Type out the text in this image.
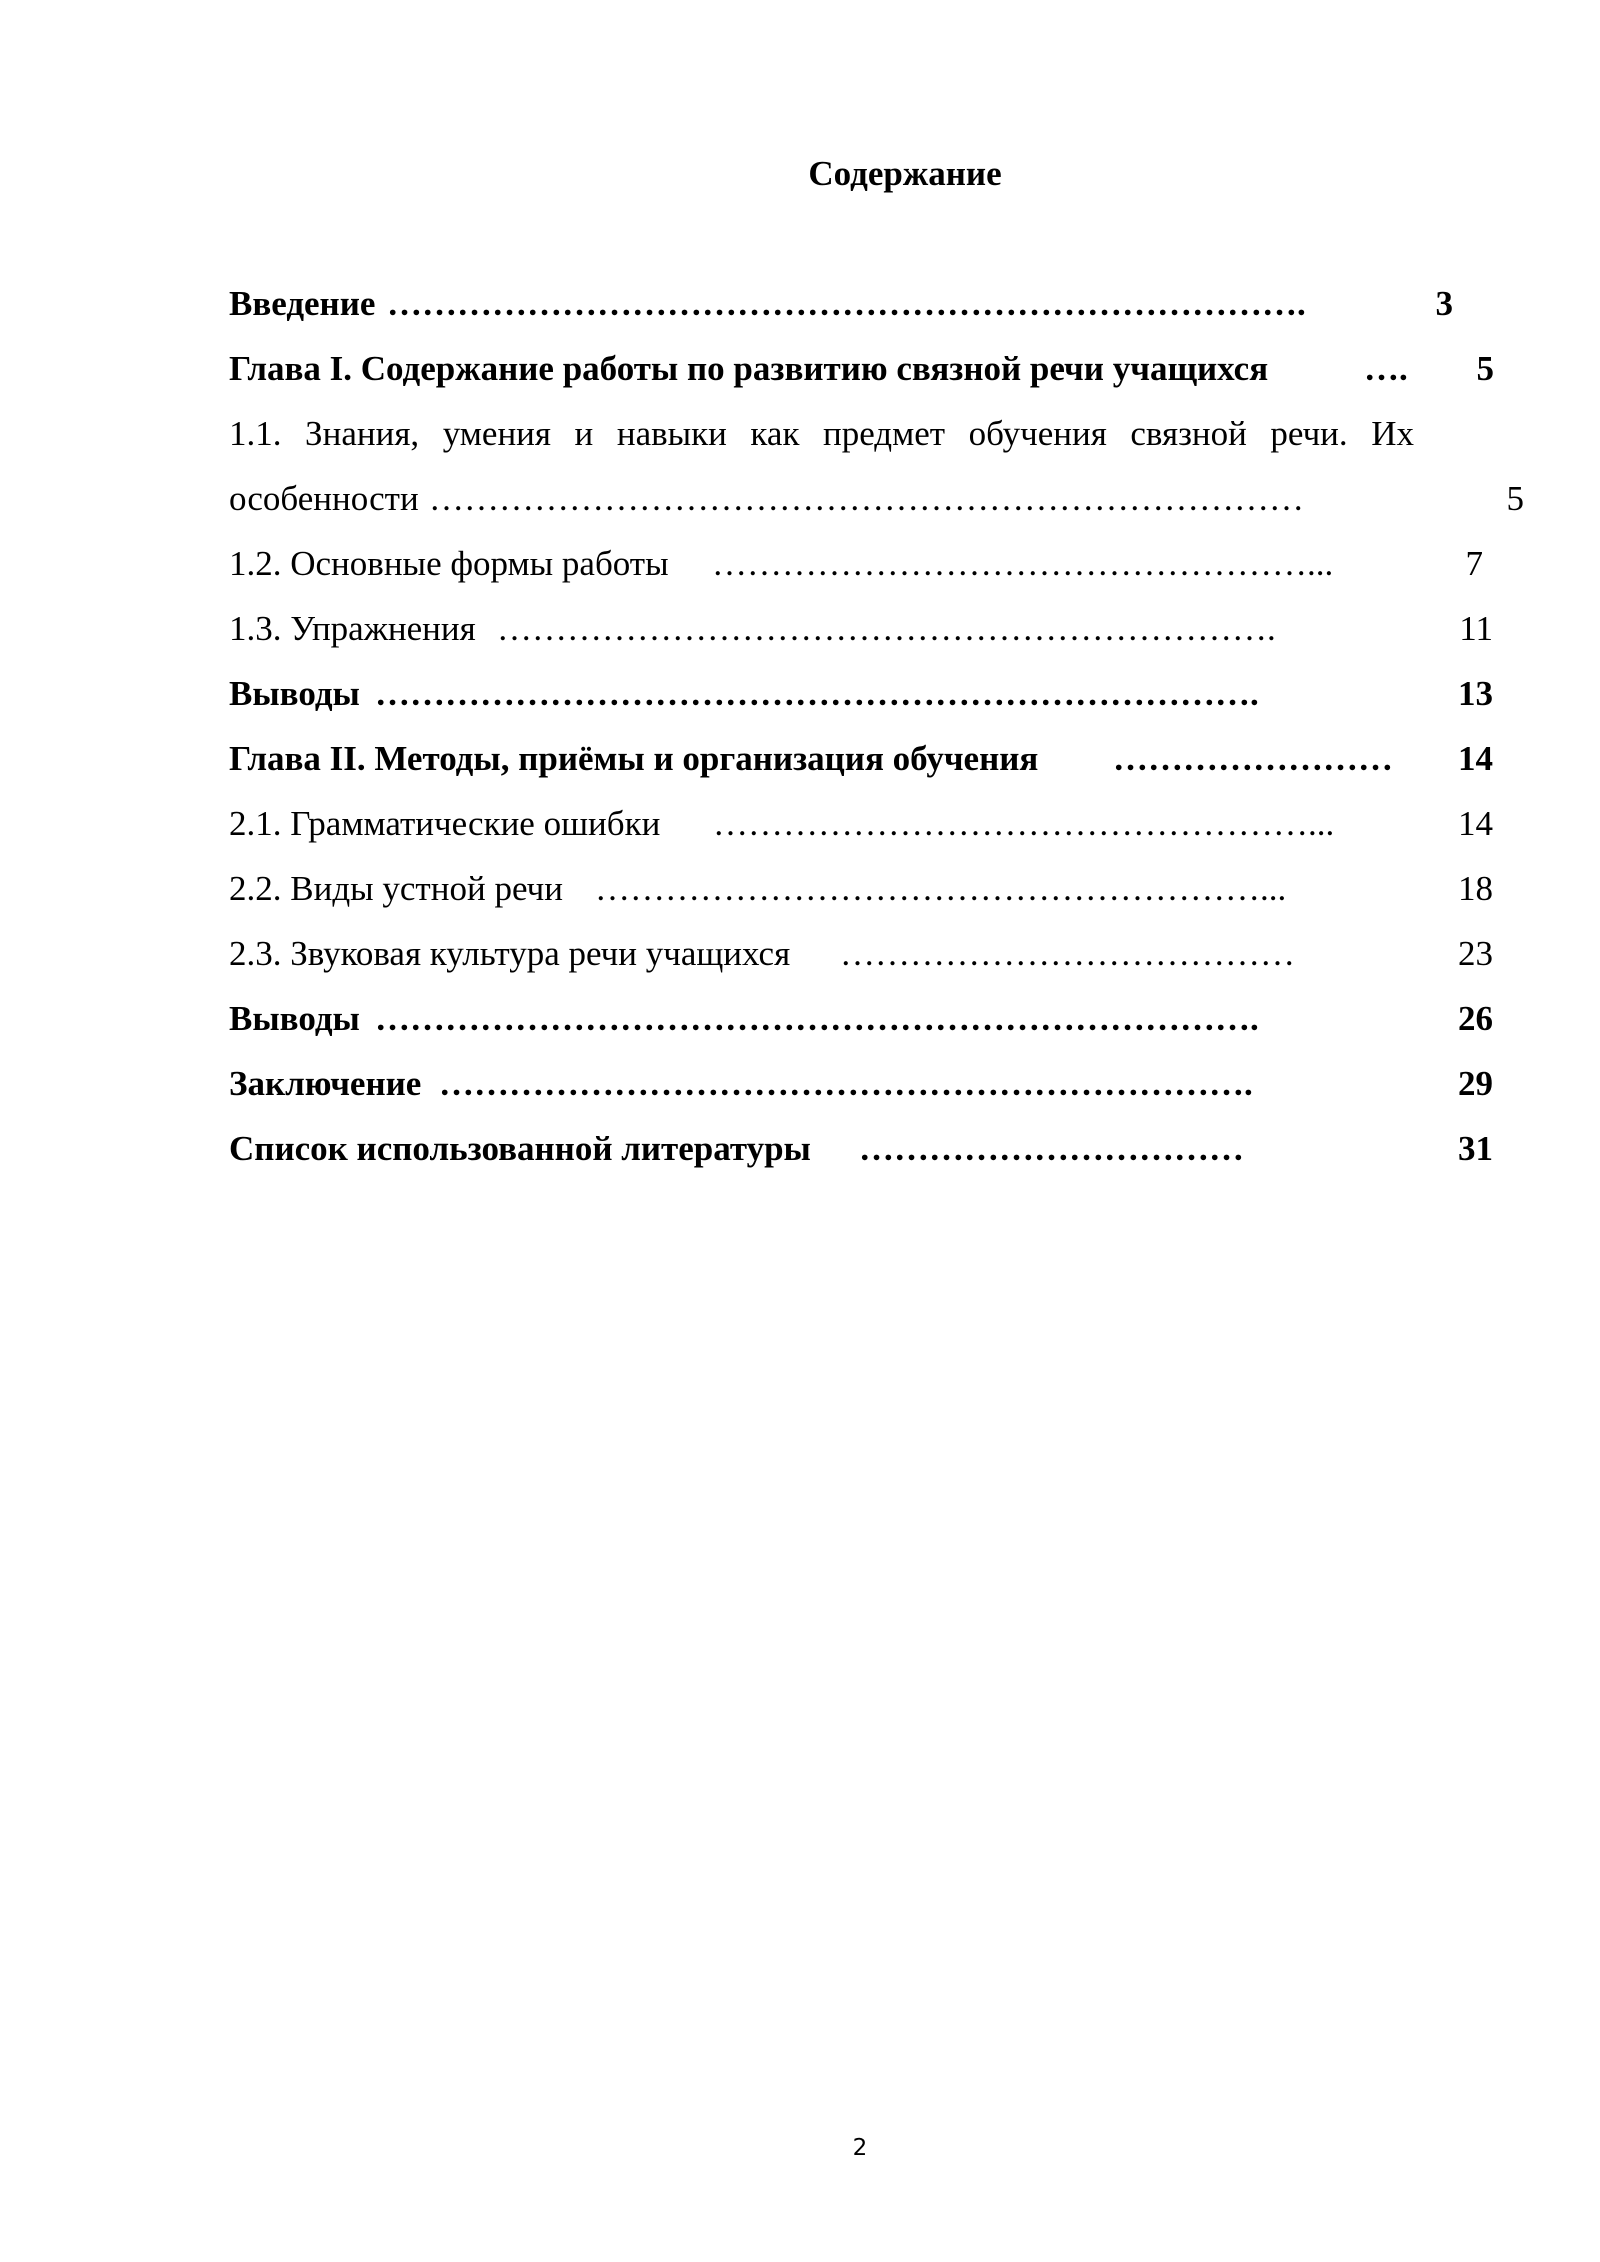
Содержание
Введение …………………………………………………………………….	3
Глава I. Содержание работы по развитию связной речи учащихся	….	5
1.1. Знания, умения и навыки как предмет обучения связной речи. Их
особенности …………………………………………………………………	5
1.2. Основные формы работы ……………………………………………...	7
1.3. Упражнения ………………………………………………………….	11
Выводы ………………………………………………………………….	13
Глава II. Методы, приёмы и организация обучения …………………… 14
2.1. Грамматические ошибки ……………………………………………...	14
2.2. Виды устной речи …………………………………………………...	18
2.3. Звуковая культура речи учащихся …………………………………	23
Выводы ………………………………………………………………….	26
Заключение …………………………………………………………….	29
Список использованной литературы ……………………………	31
2
